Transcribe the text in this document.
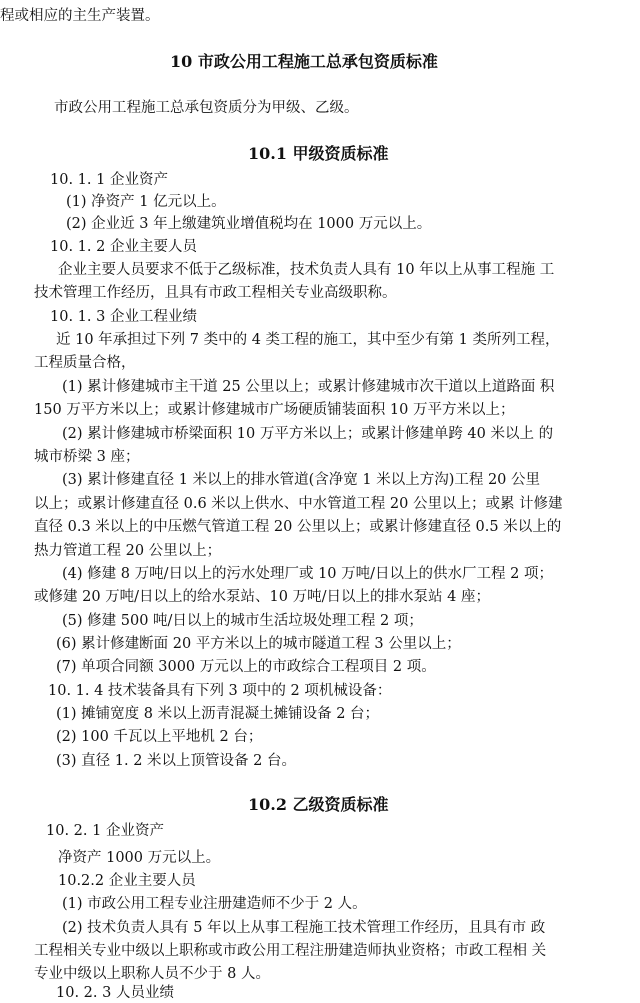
程或相应的主生产装置。
10 市政公用工程施工总承包资质标准
市政公用工程施工总承包资质分为甲级、乙级。
10.1 甲级资质标准
10. 1. 1 企业资产
(1) 净资产 1 亿元以上。
(2) 企业近 3 年上缴建筑业增值税均在 1000 万元以上。
10. 1. 2 企业主要人员
企业主要人员要求不低于乙级标准，技术负责人具有 10 年以上从事工程施 工
技术管理工作经历，且具有市政工程相关专业高级职称。
10. 1. 3 企业工程业绩
近 10 年承担过下列 7 类中的 4 类工程的施工，其中至少有第 1 类所列工程，
工程质量合格，
(1) 累计修建城市主干道 25 公里以上；或累计修建城市次干道以上道路面 积
150 万平方米以上；或累计修建城市广场硬质铺装面积 10 万平方米以上；
(2) 累计修建城市桥梁面积 10 万平方米以上；或累计修建单跨 40 米以上 的
城市桥梁 3 座；
(3) 累计修建直径 1 米以上的排水管道(含净宽 1 米以上方沟)工程 20 公里
以上；或累计修建直径 0.6 米以上供水、中水管道工程 20 公里以上；或累 计修建
直径 0.3 米以上的中压燃气管道工程 20 公里以上；或累计修建直径 0.5 米以上的
热力管道工程 20 公里以上；
(4) 修建 8 万吨/日以上的污水处理厂或 10 万吨/日以上的供水厂工程 2 项；
或修建 20 万吨/日以上的给水泵站、10 万吨/日以上的排水泵站 4 座；
(5) 修建 500 吨/日以上的城市生活垃圾处理工程 2 项；
(6) 累计修建断面 20 平方米以上的城市隧道工程 3 公里以上；
(7) 单项合同额 3000 万元以上的市政综合工程项目 2 项。
10. 1. 4 技术装备具有下列 3 项中的 2 项机械设备：
(1) 摊铺宽度 8 米以上沥青混凝土摊铺设备 2 台；
(2) 100 千瓦以上平地机 2 台；
(3) 直径 1. 2 米以上顶管设备 2 台。
10.2 乙级资质标准
10. 2. 1 企业资产
净资产 1000 万元以上。
10.2.2 企业主要人员
(1) 市政公用工程专业注册建造师不少于 2 人。
(2) 技术负责人具有 5 年以上从事工程施工技术管理工作经历，且具有市 政
工程相关专业中级以上职称或市政公用工程注册建造师执业资格；市政工程相 关
专业中级以上职称人员不少于 8 人。
10. 2. 3 人员业绩
